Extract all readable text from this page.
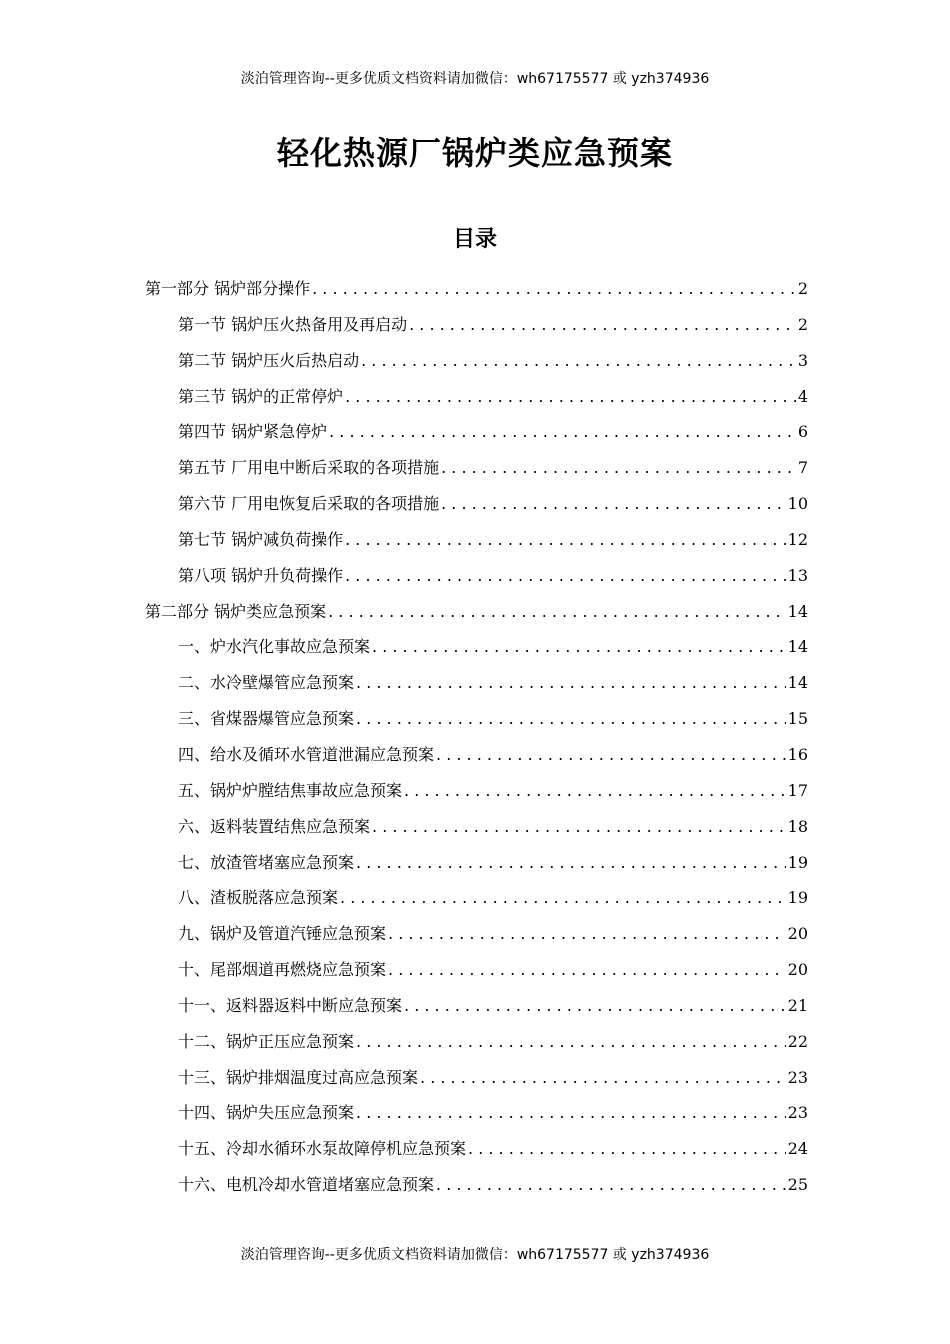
淡泊管理咨询--更多优质文档资料请加微信：wh67175577 或 yzh374936
轻化热源厂锅炉类应急预案
目录
第一部分 锅炉部分操作 . . .	2
第一节 锅炉压火热备用及再启动 . . .	2
第二节 锅炉压火后热启动 . . .	3
第三节 锅炉的正常停炉 . . .	4
第四节 锅炉紧急停炉 . . .	6
第五节 厂用电中断后采取的各项措施 . . .	7
第六节 厂用电恢复后采取的各项措施 . . .	10
第七节 锅炉减负荷操作 . . .	12
第八项 锅炉升负荷操作 . . .	13
第二部分 锅炉类应急预案 . . .	14
一、炉水汽化事故应急预案 . . .	14
二、水冷壁爆管应急预案 . . .	14
三、省煤器爆管应急预案 . . .	15
四、给水及循环水管道泄漏应急预案 . . .	16
五、锅炉炉膛结焦事故应急预案 . . .	17
六、返料装置结焦应急预案 . . .	18
七、放渣管堵塞应急预案 . . .	19
八、渣板脱落应急预案 . . .	19
九、锅炉及管道汽锤应急预案 . . .	20
十、尾部烟道再燃烧应急预案 . . .	20
十一、返料器返料中断应急预案 . . .	21
十二、锅炉正压应急预案 . . .	22
十三、锅炉排烟温度过高应急预案 . . .	23
十四、锅炉失压应急预案 . . .	23
十五、冷却水循环水泵故障停机应急预案 . . .	24
十六、电机冷却水管道堵塞应急预案 . . .	25
淡泊管理咨询--更多优质文档资料请加微信：wh67175577 或 yzh374936
